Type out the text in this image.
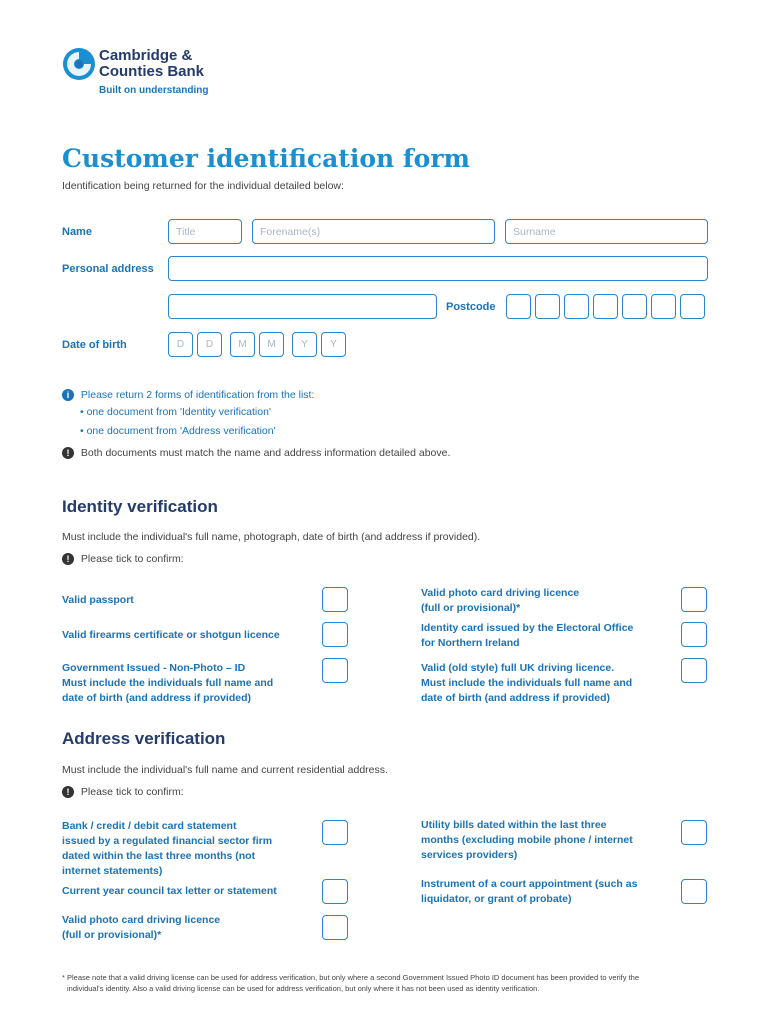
Cambridge &
Counties Bank
Built on understanding
Customer identification form
Identification being returned for the individual detailed below:
Name	Title	Forename(s)	Surname
Personal address
Postcode
Date of birth	D	D	M	M	Y	Y
i Please return 2 forms of identification from the list:
• one document from 'Identity verification'
• one document from 'Address verification'
! Both documents must match the name and address information detailed above.
Identity verification
Must include the individual's full name, photograph, date of birth (and address if provided).
! Please tick to confirm:
Valid passport
Valid firearms certificate or shotgun licence
Government Issued - Non-Photo – ID
Must include the individuals full name and
date of birth (and address if provided)
Valid photo card driving licence
(full or provisional)*
Identity card issued by the Electoral Office
for Northern Ireland
Valid (old style) full UK driving licence.
Must include the individuals full name and
date of birth (and address if provided)
Address verification
Must include the individual's full name and current residential address.
! Please tick to confirm:
Bank / credit / debit card statement
issued by a regulated financial sector firm
dated within the last three months (not
internet statements)
Current year council tax letter or statement
Valid photo card driving licence
(full or provisional)*
Utility bills dated within the last three
months (excluding mobile phone / internet
services providers)
Instrument of a court appointment (such as
liquidator, or grant of probate)
* Please note that a valid driving license can be used for address verification, but only where a second Government Issued Photo ID document has been provided to verify the
individual's identity. Also a valid driving license can be used for address verification, but only where it has not been used as identity verification.
